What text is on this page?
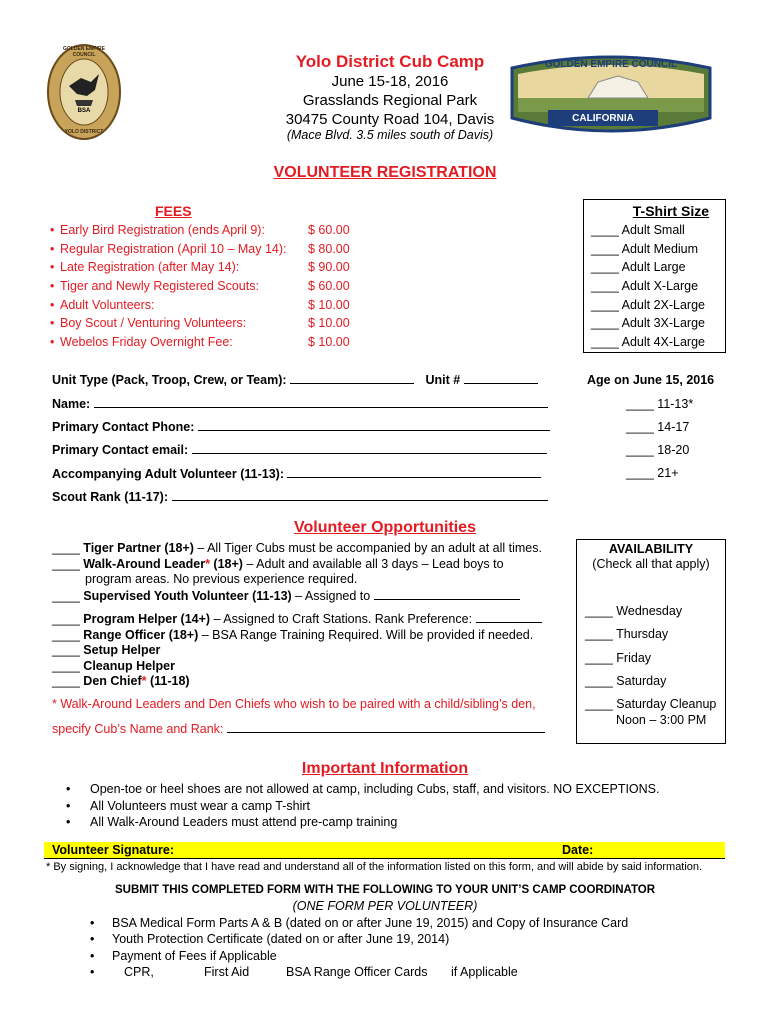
GOLDEN EMPIRE COUNCIL
BSA
YOLO DISTRICT
GOLDEN EMPIRE COUNCIL
CALIFORNIA
Yolo District Cub Camp
June 15-18, 2016
Grasslands Regional Park
30475 County Road 104, Davis
(Mace Blvd. 3.5 miles south of Davis)
VOLUNTEER REGISTRATION
FEES
• Early Bird Registration (ends April 9):	$ 60.00
• Regular Registration (April 10 – May 14): $ 80.00
• Late Registration (after May 14):	$ 90.00
• Tiger and Newly Registered Scouts:	$ 60.00
• Adult Volunteers:	$ 10.00
• Boy Scout / Venturing Volunteers:	$ 10.00
•Webelos Friday Overnight Fee:	$ 10.00
T-Shirt Size
____ Adult Small
____ Adult Medium
____ Adult Large
____ Adult X-Large
____ Adult 2X-Large
____ Adult 3X-Large
____ Adult 4X-Large
Unit Type (Pack, Troop, Crew, or Team):	Unit #
Name:
Primary Contact Phone:
Primary Contact email:
Accompanying Adult Volunteer (11-13):
Scout Rank (11-17):
Age on June 15, 2016
____ 11-13*
____ 14-17
____ 18-20
____ 21+
Volunteer Opportunities
____ Tiger Partner (18+) – All Tiger Cubs must be accompanied by an adult at all times.
____ Walk-Around Leader* (18+) – Adult and available all 3 days – Lead boys to
program areas. No previous experience required.
____ Supervised Youth Volunteer (11-13) – Assigned to
____ Program Helper (14+) – Assigned to Craft Stations. Rank Preference:
____ Range Officer (18+) – BSA Range Training Required. Will be provided if needed.
____ Setup Helper
____ Cleanup Helper
____ Den Chief* (11-18)
* Walk-Around Leaders and Den Chiefs who wish to be paired with a child/sibling’s den,
specify Cub’s Name and Rank:
AVAILABILITY
(Check all that apply)
____ Wednesday
____ Thursday
____ Friday
____ Saturday
____ Saturday Cleanup
Noon – 3:00 PM
Important Information
• Open-toe or heel shoes are not allowed at camp, including Cubs, staff, and visitors. NO EXCEPTIONS.
• All Volunteers must wear a camp T-shirt
• All Walk-Around Leaders must attend pre-camp training
Volunteer Signature:	Date:
* By signing, I acknowledge that I have read and understand all of the information listed on this form, and will abide by said information.
SUBMIT THIS COMPLETED FORM WITH THE FOLLOWING TO YOUR UNIT’S CAMP COORDINATOR
(ONE FORM PER VOLUNTEER)
• BSA Medical Form Parts A & B (dated on or after June 19, 2015) and Copy of Insurance Card
• Youth Protection Certificate (dated on or after June 19, 2014)
• Payment of Fees if Applicable
• CPR,	First Aid	BSA Range Officer Cards if Applicable
